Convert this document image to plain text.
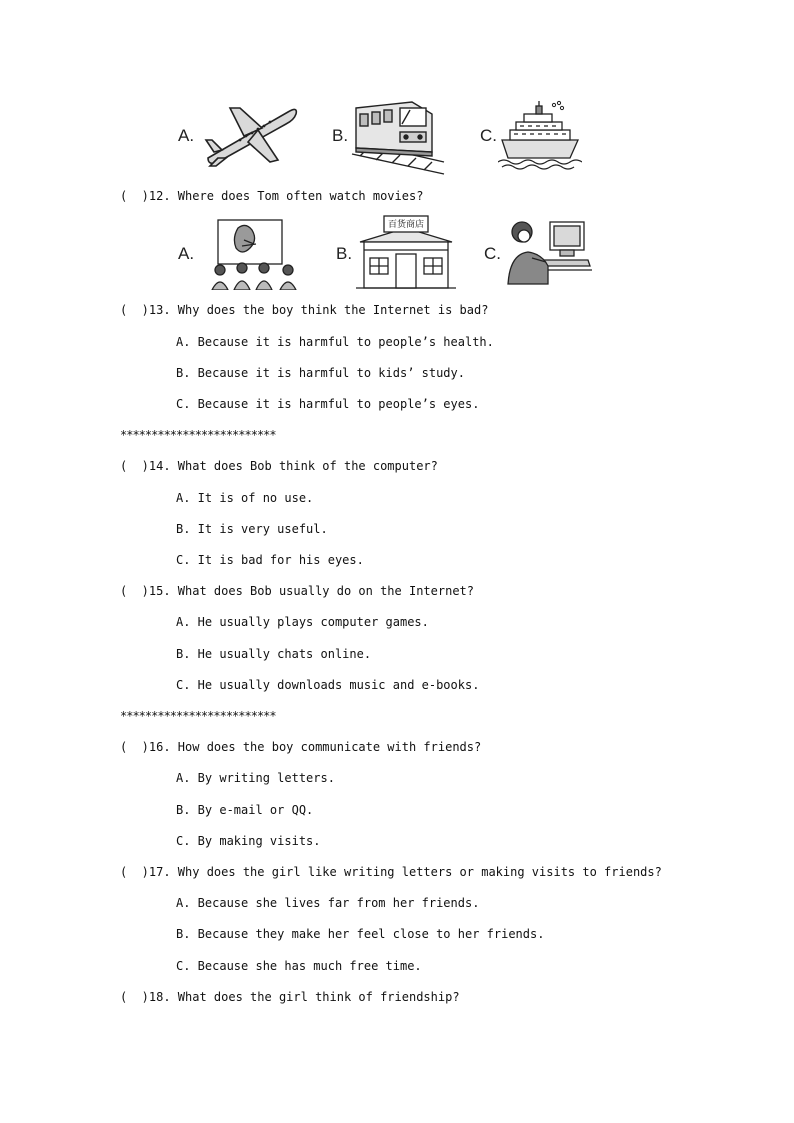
A.	B.	C.
(  )12. Where does Tom often watch movies?
A.	B.
百货商店
C.
(  )13. Why does the boy think the Internet is bad?
A. Because it is harmful to people’s health.
B. Because it is harmful to kids’ study.
C. Because it is harmful to people’s eyes.
*************************
(  )14. What does Bob think of the computer?
A. It is of no use.
B. It is very useful.
C. It is bad for his eyes.
(  )15. What does Bob usually do on the Internet?
A. He usually plays computer games.
B. He usually chats online.
C. He usually downloads music and e-books.
*************************
(  )16. How does the boy communicate with friends?
A. By writing letters.
B. By e-mail or QQ.
C. By making visits.
(  )17. Why does the girl like writing letters or making visits to friends?
A. Because she lives far from her friends.
B. Because they make her feel close to her friends.
C. Because she has much free time.
(  )18. What does the girl think of friendship?
